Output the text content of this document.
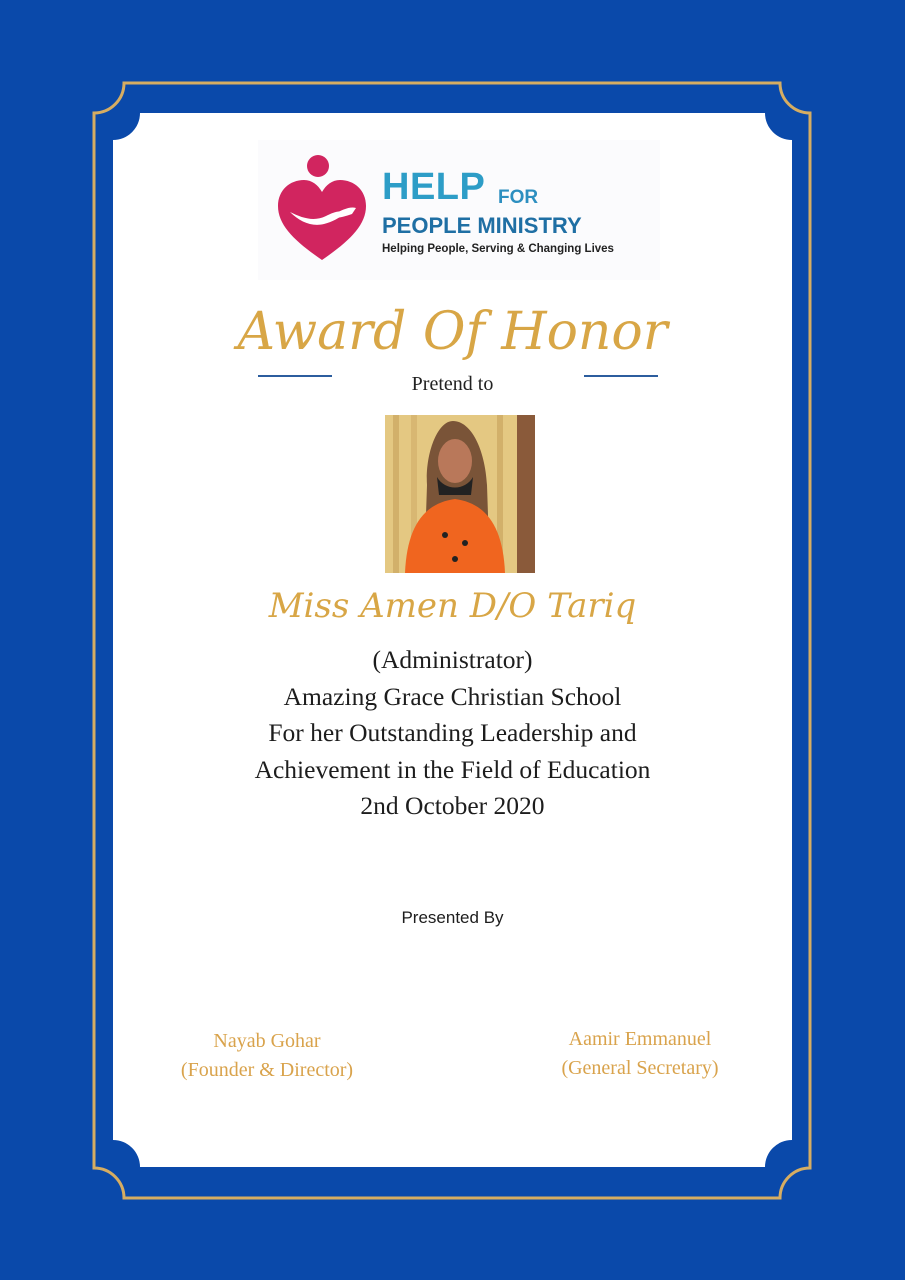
HELP FOR
PEOPLE MINISTRY
Helping People, Serving & Changing Lives
Award Of Honor
Pretend to
Miss Amen D/O Tariq
(Administrator)
Amazing Grace Christian School
For her Outstanding Leadership and
Achievement in the Field of Education
2nd October 2020
Presented By
Nayab Gohar
(Founder & Director)
Aamir Emmanuel
(General Secretary)
